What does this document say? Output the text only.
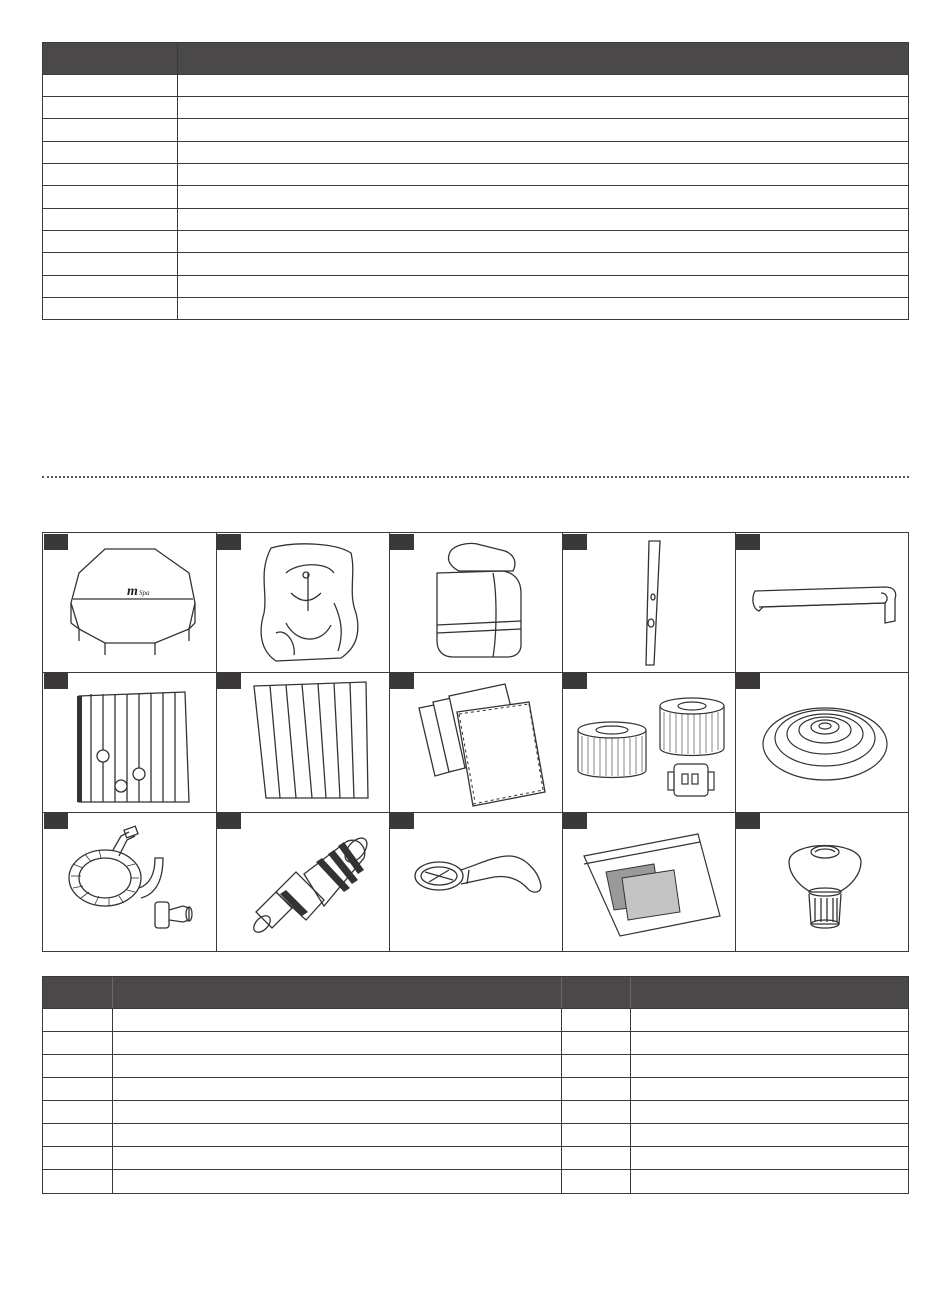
m Spa
